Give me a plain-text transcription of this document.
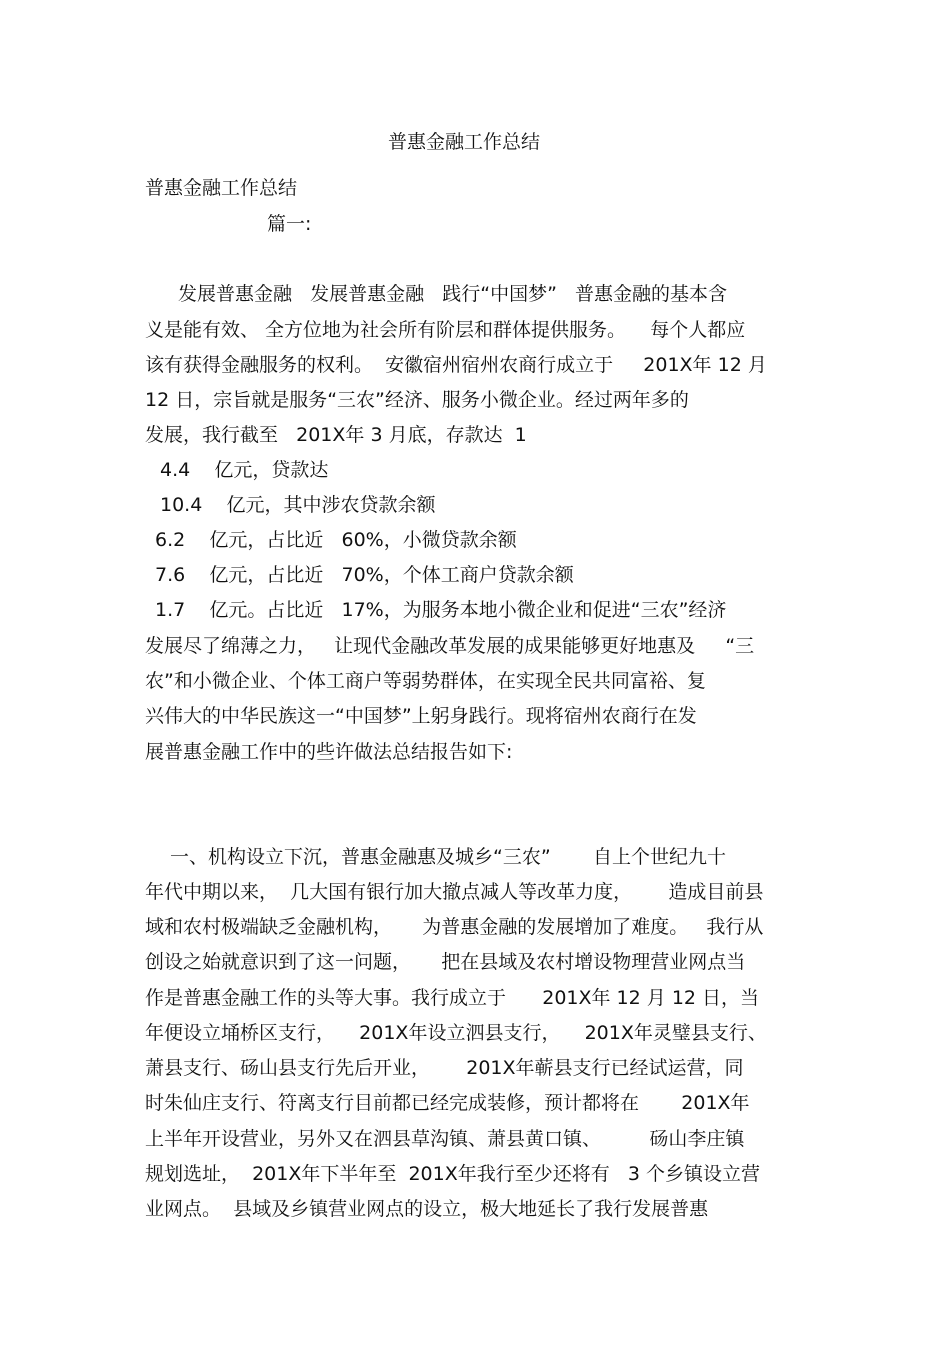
普惠金融工作总结
普惠金融工作总结
篇一:
发展普惠金融   发展普惠金融   践行“中国梦”   普惠金融的基本含
义是能有效、 全方位地为社会所有阶层和群体提供服务。    每个人都应
该有获得金融服务的权利。  安徽宿州宿州农商行成立于     201X年 12 月
12 日，宗旨就是服务“三农”经济、服务小微企业。经过两年多的
发展，我行截至   201X年 3 月底，存款达  1
4.4    亿元，贷款达
10.4    亿元，其中涉农贷款余额
6.2    亿元，占比近   60%，小微贷款余额
7.6    亿元，占比近   70%，个体工商户贷款余额
1.7    亿元。占比近   17%，为服务本地小微企业和促进“三农”经济
发展尽了绵薄之力，   让现代金融改革发展的成果能够更好地惠及     “三
农”和小微企业、个体工商户等弱势群体，在实现全民共同富裕、复
兴伟大的中华民族这一“中国梦”上躬身践行。现将宿州农商行在发
展普惠金融工作中的些许做法总结报告如下:
一、机构设立下沉，普惠金融惠及城乡“三农”       自上个世纪九十
年代中期以来，  几大国有银行加大撤点减人等改革力度，      造成目前县
域和农村极端缺乏金融机构，     为普惠金融的发展增加了难度。   我行从
创设之始就意识到了这一问题，     把在县域及农村增设物理营业网点当
作是普惠金融工作的头等大事。我行成立于      201X年 12 月 12 日，当
年便设立埇桥区支行，    201X年设立泗县支行，    201X年灵璧县支行、
萧县支行、砀山县支行先后开业，      201X年蕲县支行已经试运营，同
时朱仙庄支行、符离支行目前都已经完成装修，预计都将在       201X年
上半年开设营业，另外又在泗县草沟镇、萧县黄口镇、        砀山李庄镇
规划选址，  201X年下半年至  201X年我行至少还将有   3 个乡镇设立营
业网点。  县域及乡镇营业网点的设立，极大地延长了我行发展普惠
